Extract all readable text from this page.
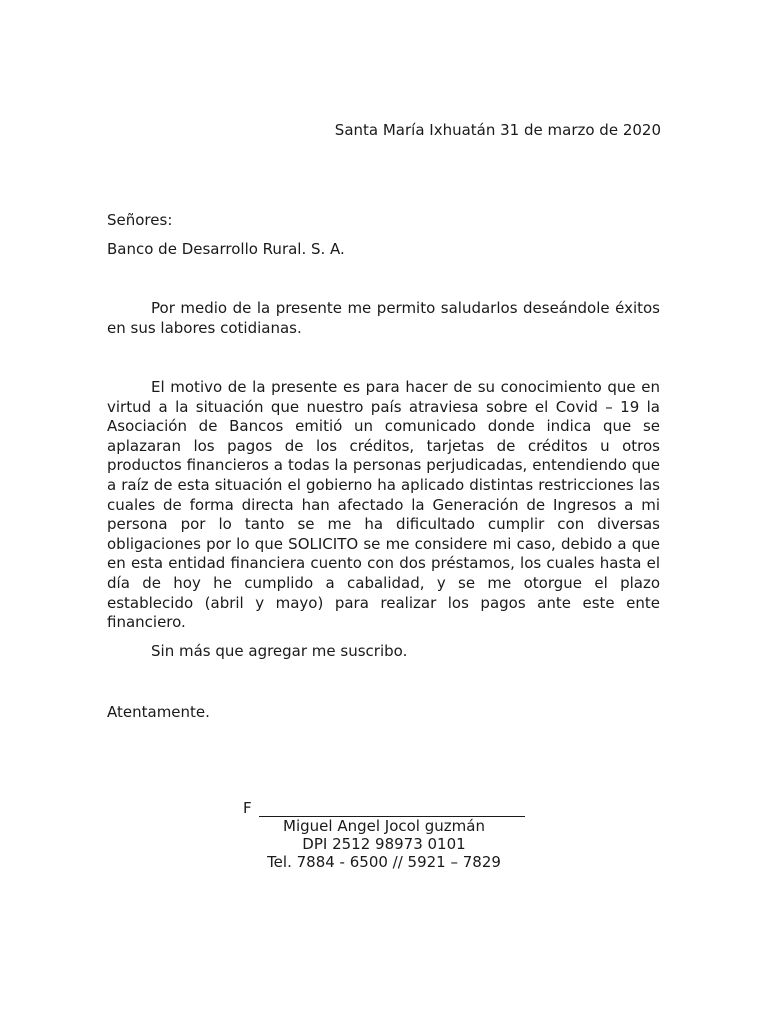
Santa María Ixhuatán 31 de marzo de 2020
Señores:
Banco de Desarrollo Rural. S. A.
Por medio de la presente me permito saludarlos deseándole éxitos en sus labores cotidianas.
El motivo de la presente es para hacer de su conocimiento que en virtud a la situación que nuestro país atraviesa sobre el Covid – 19 la Asociación de Bancos emitió un comunicado donde indica que se aplazaran los pagos de los créditos, tarjetas de créditos u otros productos financieros a todas la personas perjudicadas, entendiendo que a raíz de esta situación el gobierno ha aplicado distintas restricciones las cuales de forma directa han afectado la Generación de Ingresos a mi persona por lo tanto se me ha dificultado cumplir con diversas obligaciones por lo que SOLICITO se me considere mi caso, debido a que en esta entidad financiera cuento con dos préstamos, los cuales hasta el día de hoy he cumplido a cabalidad, y se me otorgue el plazo establecido (abril y mayo) para realizar los pagos ante este ente financiero.
Sin más que agregar me suscribo.
Atentamente.
F
Miguel Angel Jocol guzmán
DPI 2512 98973 0101
Tel. 7884 - 6500 // 5921 – 7829
